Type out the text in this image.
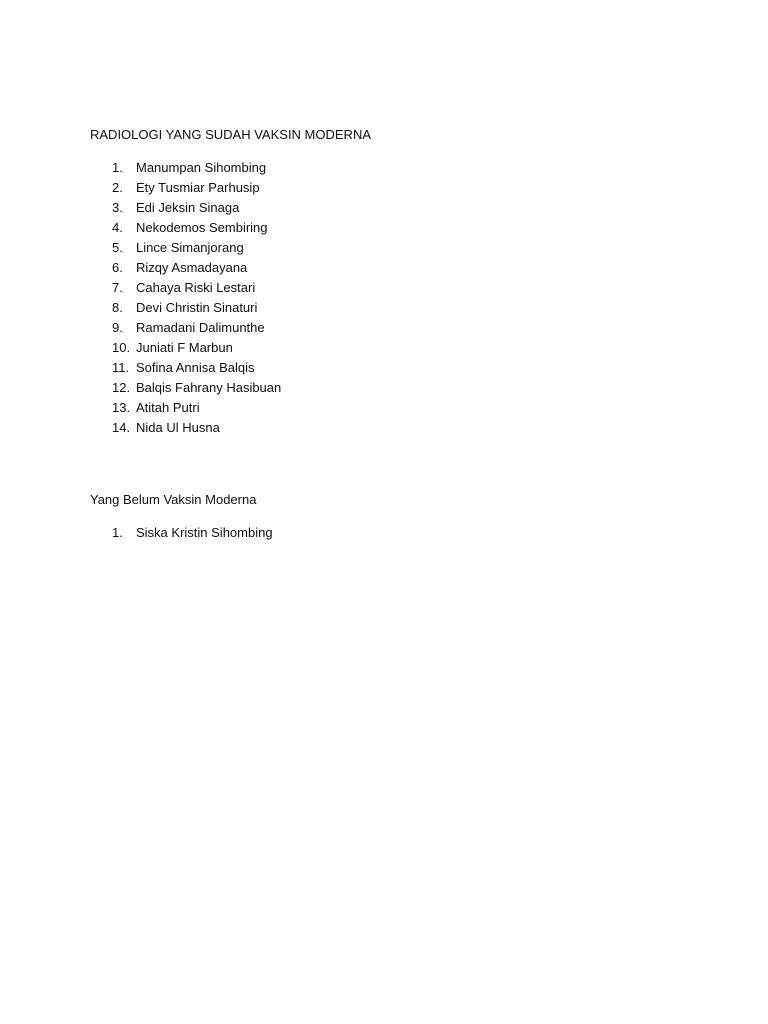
RADIOLOGI YANG SUDAH VAKSIN MODERNA
1.	Manumpan Sihombing
2.	Ety Tusmiar Parhusip
3.	Edi Jeksin Sinaga
4.	Nekodemos Sembiring
5.	Lince Simanjorang
6.	Rizqy Asmadayana
7.	Cahaya Riski Lestari
8.	Devi Christin Sinaturi
9.	Ramadani Dalimunthe
10. Juniati F Marbun
11. Sofina Annisa Balqis
12. Balqis Fahrany Hasibuan
13. Atitah Putri
14. Nida Ul Husna
Yang Belum Vaksin Moderna
1.	Siska Kristin Sihombing
